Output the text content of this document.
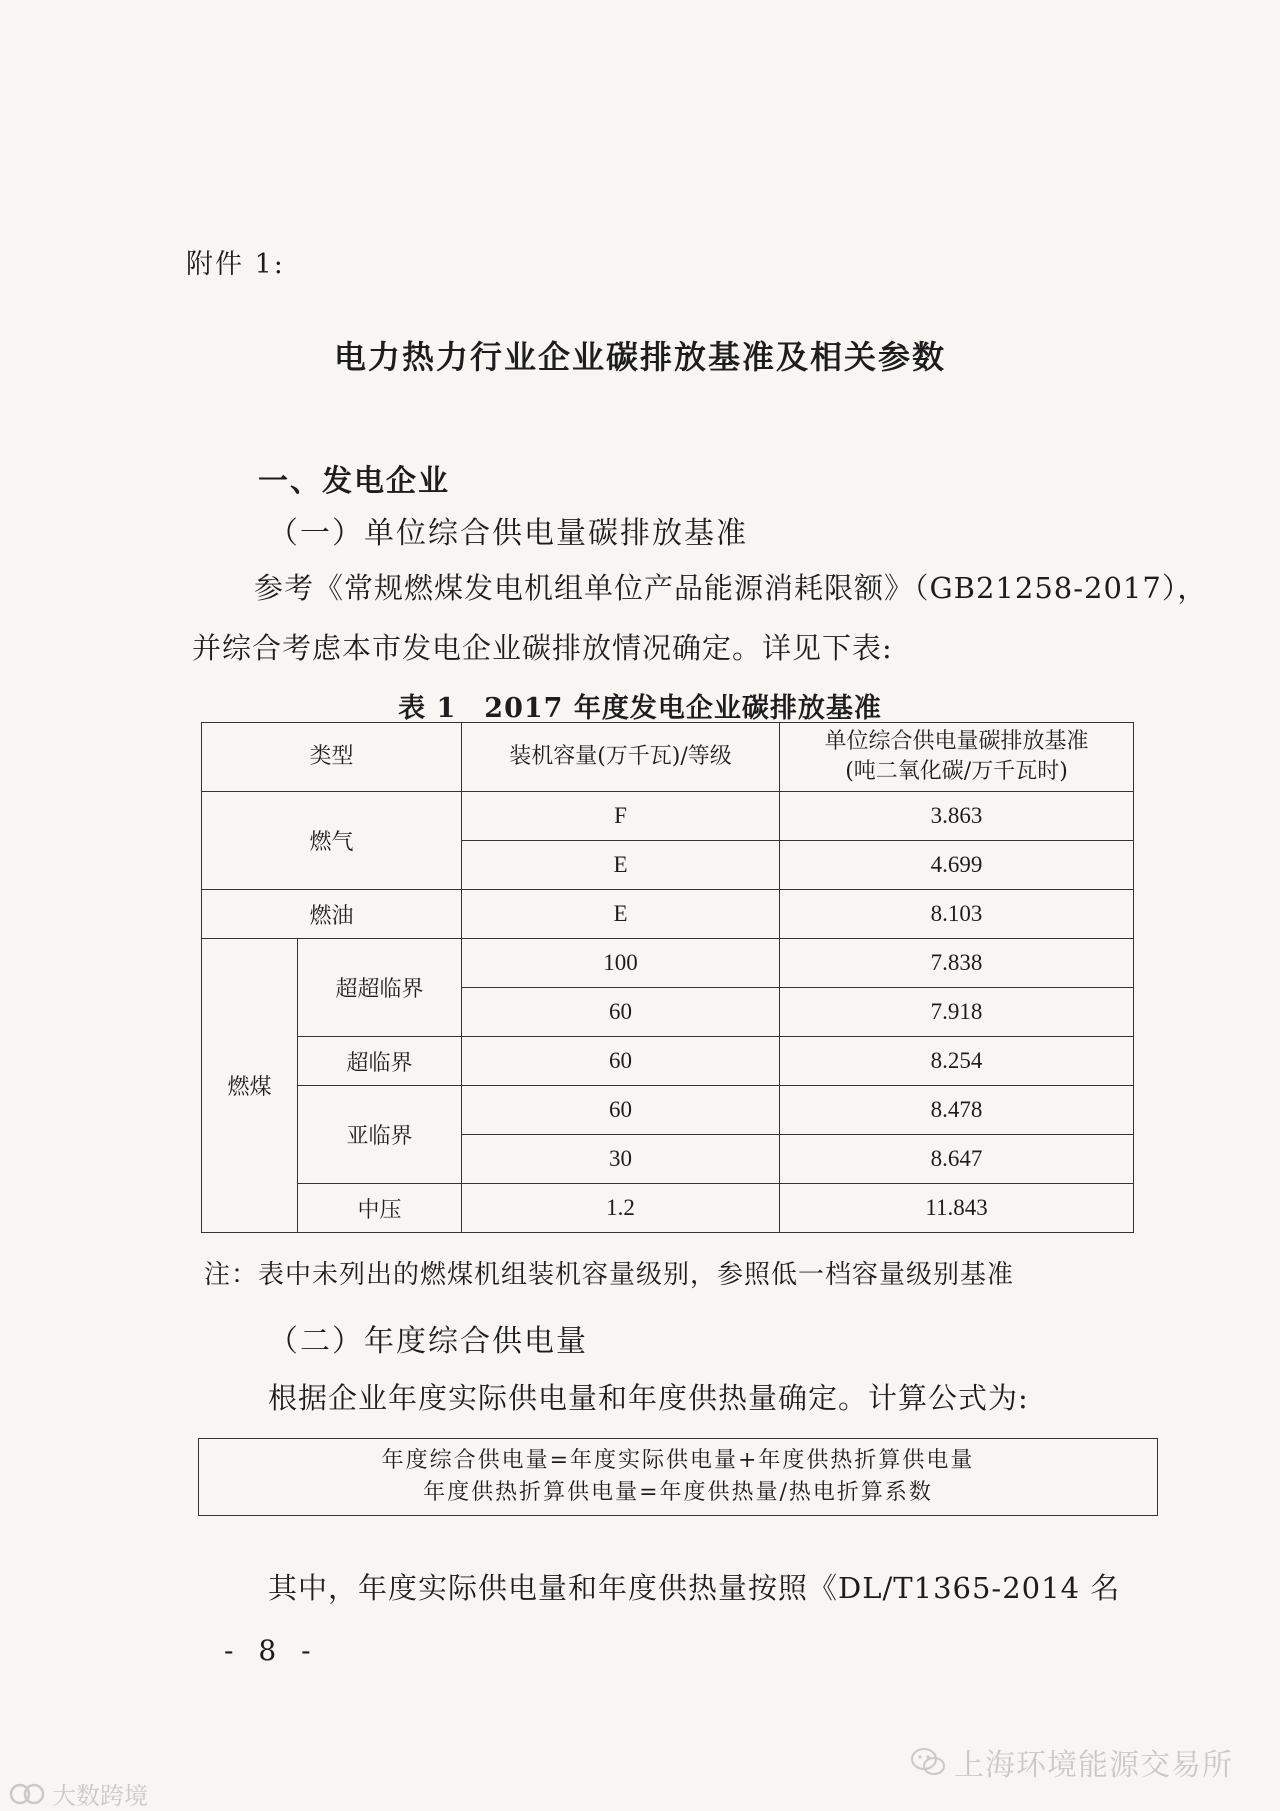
附件 1:
电力热力行业企业碳排放基准及相关参数
一、发电企业
（一）单位综合供电量碳排放基准
参考《常规燃煤发电机组单位产品能源消耗限额》（GB21258-2017），
并综合考虑本市发电企业碳排放情况确定。详见下表:
表 1　2017 年度发电企业碳排放基准
类型		装机容量(万千瓦)/等级	单位综合供电量碳排放基准
(吨二氧化碳/万千瓦时)

燃气		F	3.863
		E	4.699
燃油		E	8.103
燃煤	超超临界	100	7.838
		60	7.918
	超临界	60	8.254
	亚临界	60	8.478
		30	8.647
	中压	1.2	11.843
注：表中未列出的燃煤机组装机容量级别，参照低一档容量级别基准
（二）年度综合供电量
根据企业年度实际供电量和年度供热量确定。计算公式为:
年度综合供电量=年度实际供电量+年度供热折算供电量
年度供热折算供电量=年度供热量/热电折算系数
其中，年度实际供电量和年度供热量按照《DL/T1365-2014 名
- 8 -
上海环境能源交易所
大数跨境
